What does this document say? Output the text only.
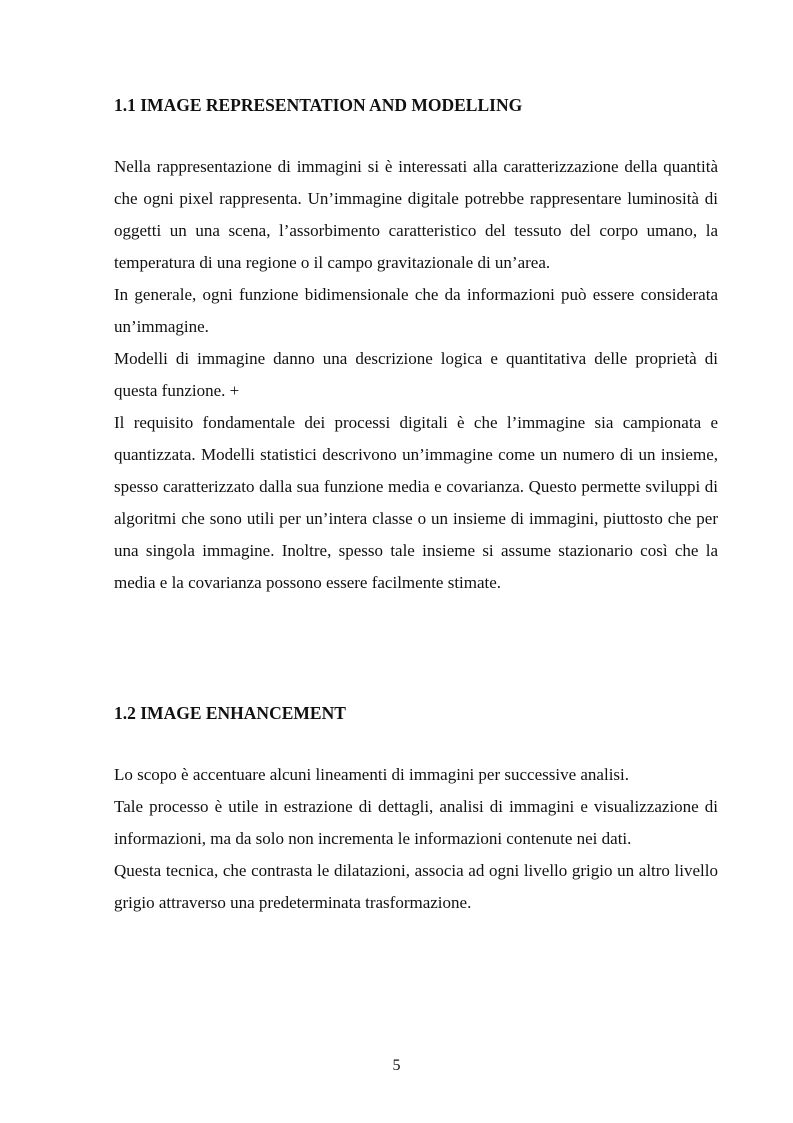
1.1 IMAGE REPRESENTATION AND MODELLING

Nella rappresentazione di immagini si è interessati alla caratterizzazione della quantità che ogni pixel rappresenta. Un’immagine digitale potrebbe rappresentare luminosità di oggetti un una scena, l’assorbimento caratteristico del tessuto del corpo umano, la temperatura di una regione o il campo gravitazionale di un’area.

In generale, ogni funzione bidimensionale che da informazioni può essere considerata un’immagine.

Modelli di immagine danno una descrizione logica e quantitativa delle proprietà di questa funzione. +

Il requisito fondamentale dei processi digitali è che l’immagine sia campionata e quantizzata. Modelli statistici descrivono un’immagine come un numero di un insieme, spesso caratterizzato dalla sua funzione media e covarianza. Questo permette sviluppi di algoritmi che sono utili per un’intera classe o un insieme di immagini, piuttosto che per una singola immagine. Inoltre, spesso tale insieme si assume stazionario così che la media e la covarianza possono essere facilmente stimate.

1.2 IMAGE ENHANCEMENT

Lo scopo è accentuare alcuni lineamenti di immagini per successive analisi.

Tale processo è utile in estrazione di dettagli, analisi di immagini e visualizzazione di informazioni, ma da solo non incrementa le informazioni contenute nei dati.

Questa tecnica, che contrasta le dilatazioni, associa ad ogni livello grigio un altro livello grigio attraverso una predeterminata trasformazione.

5
